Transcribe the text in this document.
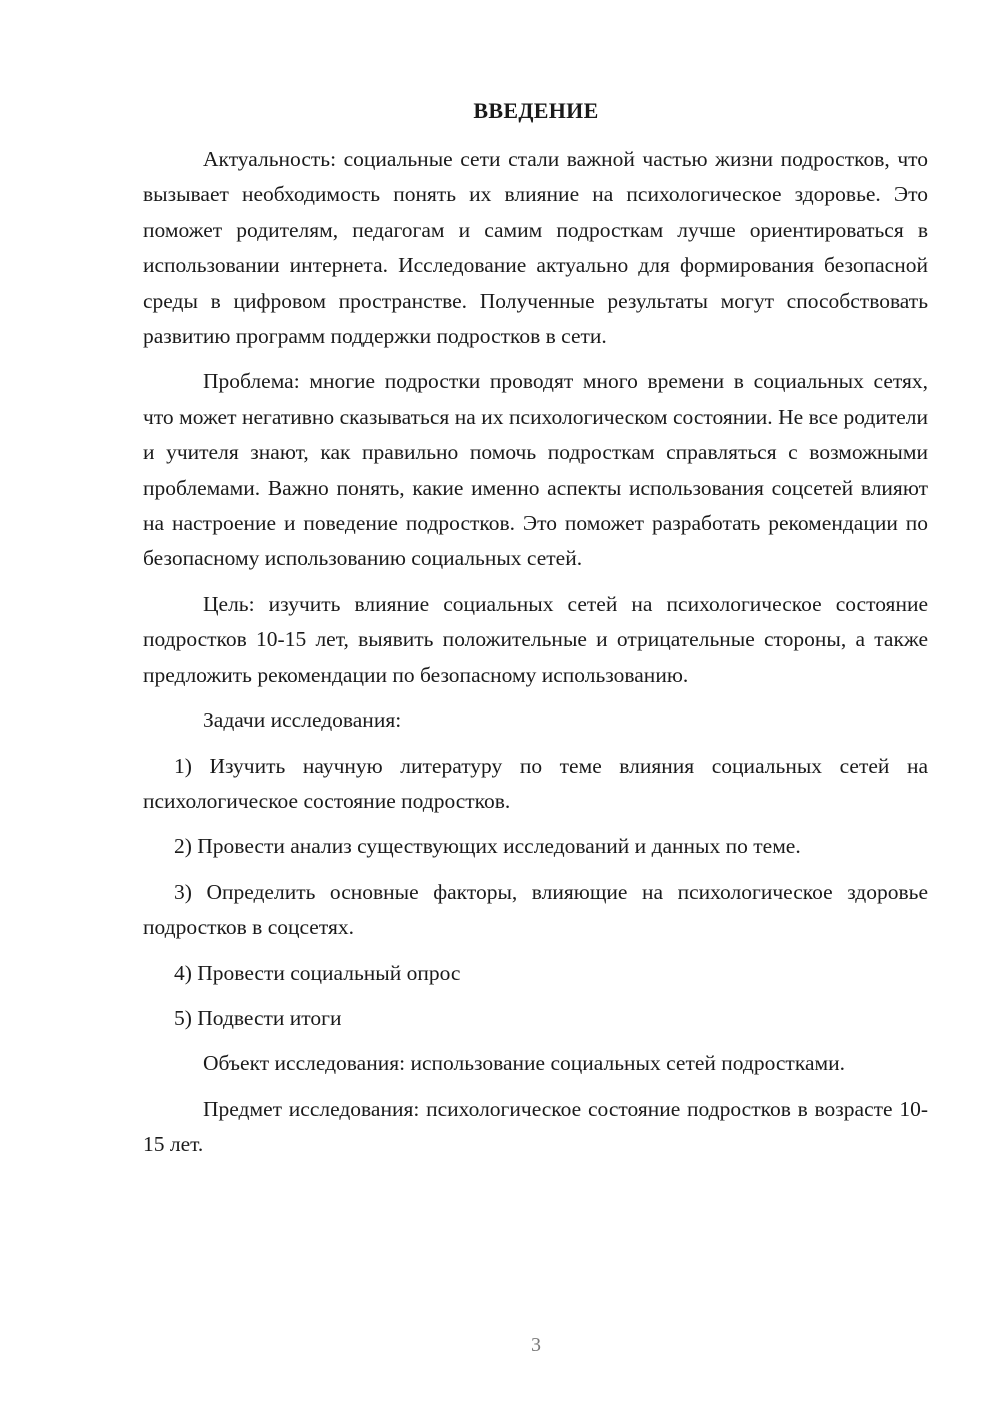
ВВЕДЕНИЕ

Актуальность: социальные сети стали важной частью жизни подростков, что вызывает необходимость понять их влияние на психологическое здоровье. Это поможет родителям, педагогам и самим подросткам лучше ориентироваться в использовании интернета. Исследование актуально для формирования безопасной среды в цифровом пространстве. Полученные результаты могут способствовать развитию программ поддержки подростков в сети.

Проблема: многие подростки проводят много времени в социальных сетях, что может негативно сказываться на их психологическом состоянии. Не все родители и учителя знают, как правильно помочь подросткам справляться с возможными проблемами. Важно понять, какие именно аспекты использования соцсетей влияют на настроение и поведение подростков. Это поможет разработать рекомендации по безопасному использованию социальных сетей.

Цель: изучить влияние социальных сетей на психологическое состояние подростков 10-15 лет, выявить положительные и отрицательные стороны, а также предложить рекомендации по безопасному использованию.

Задачи исследования:

1) Изучить научную литературу по теме влияния социальных сетей на психологическое состояние подростков.

2) Провести анализ существующих исследований и данных по теме.

3) Определить основные факторы, влияющие на психологическое здоровье подростков в соцсетях.

4) Провести социальный опрос

5) Подвести итоги

Объект исследования: использование социальных сетей подростками.

Предмет исследования: психологическое состояние подростков в возрасте 10-15 лет.

3
